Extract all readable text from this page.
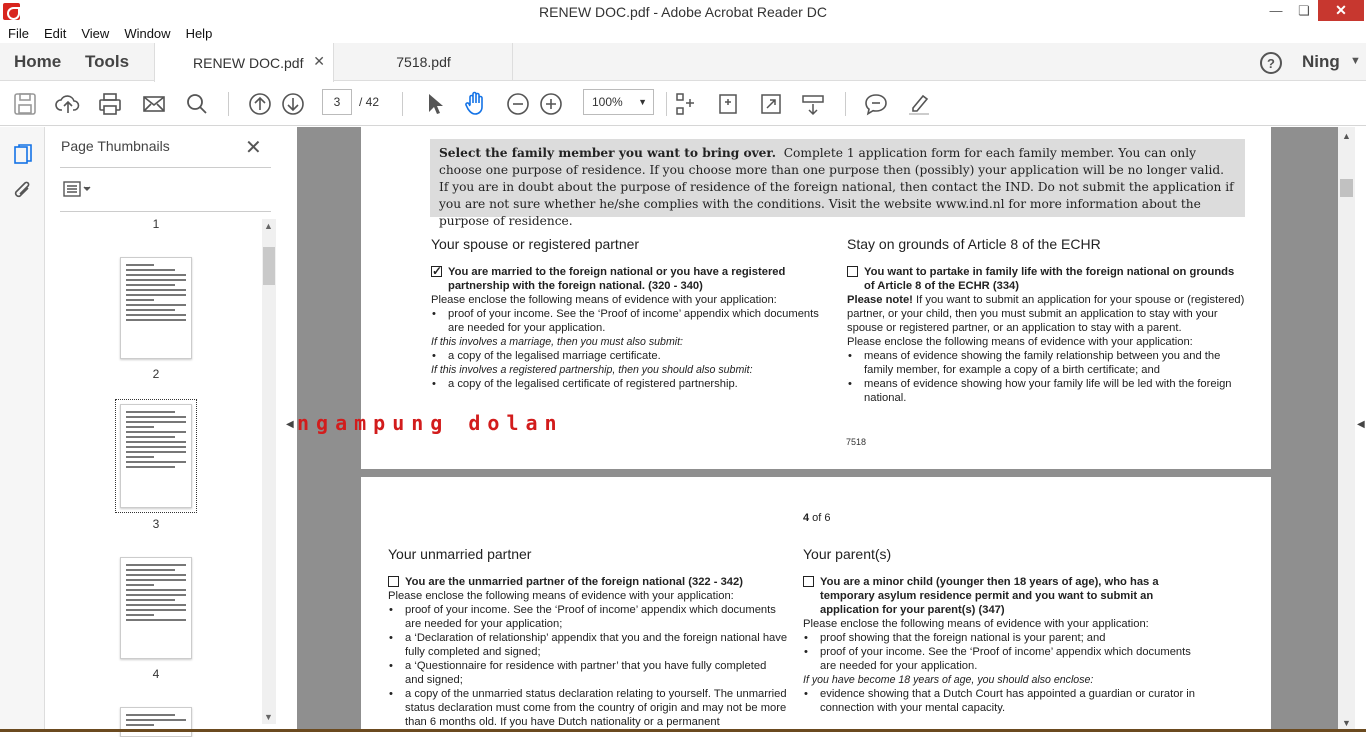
RENEW DOC.pdf - Adobe Acrobat Reader DC	—	❏	✕
File Edit View Window Help
Home Tools	RENEW DOC.pdf ✕	7518.pdf	?	Ning ▼
3	/ 42	100% ▼
Page Thumbnails	✕
1
2
3
4
▲
▼
◀
Select the family member you want to bring over. Complete 1 application form for each family member. You can only choose one purpose of residence. If you choose more than one purpose then (possibly) your application will be no longer valid. If you are in doubt about the purpose of residence of the foreign national, then contact the IND. Do not submit the application if you are not sure whether he/she complies with the conditions. Visit the website www.ind.nl for more information about the purpose of residence.
Your spouse or registered partner
✓ You are married to the foreign national or you have a registered partnership with the foreign national. (320 - 340)
Please enclose the following means of evidence with your application:
• proof of your income. See the ‘Proof of income’ appendix which documents are needed for your application.
If this involves a marriage, then you must also submit:
• a copy of the legalised marriage certificate.
If this involves a registered partnership, then you should also submit:
• a copy of the legalised certificate of registered partnership.
Stay on grounds of Article 8 of the ECHR
You want to partake in family life with the foreign national on grounds of Article 8 of the ECHR (334)
Please note! If you want to submit an application for your spouse or (registered) partner, or your child, then you must submit an application to stay with your spouse or registered partner, or an application to stay with a parent.
Please enclose the following means of evidence with your application:
• means of evidence showing the family relationship between you and the family member, for example a copy of a birth certificate; and
• means of evidence showing how your family life will be led with the foreign national.
7518
4 of 6
Your unmarried partner
You are the unmarried partner of the foreign national (322 - 342)
Please enclose the following means of evidence with your application:
• proof of your income. See the ‘Proof of income’ appendix which documents are needed for your application;
• a ‘Declaration of relationship’ appendix that you and the foreign national have fully completed and signed;
• a ‘Questionnaire for residence with partner’ that you have fully completed and signed;
• a copy of the unmarried status declaration relating to yourself. The unmarried status declaration must come from the country of origin and may not be more than 6 months old. If you have Dutch nationality or a permanent
Your parent(s)
You are a minor child (younger then 18 years of age), who has a temporary asylum residence permit and you want to submit an application for your parent(s) (347)
Please enclose the following means of evidence with your application:
• proof showing that the foreign national is your parent; and
• proof of your income. See the ‘Proof of income’ appendix which documents are needed for your application.
If you have become 18 years of age, you should also enclose:
• evidence showing that a Dutch Court has appointed a guardian or curator in connection with your mental capacity.
ngampung dolan
▲
▼
◀
